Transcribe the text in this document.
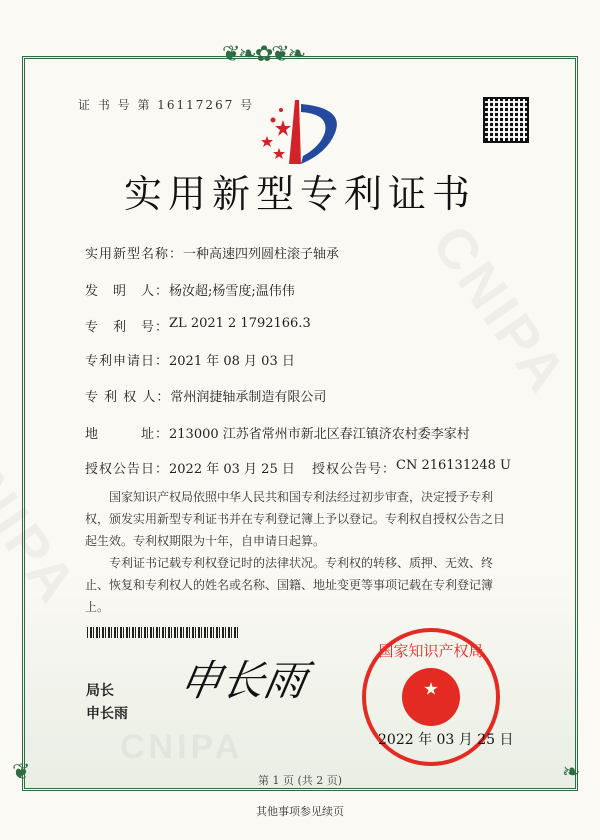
❦❧✿❦❧
❦	❧
证 书 号 第 16117267 号
实用新型专利证书
实用新型名称： 一种高速四列圆柱滚子轴承
发　明　人： 杨汝超;杨雪度;温伟伟
专　利　号： ZL 2021 2 1792166.3
专利申请日： 2021 年 08 月 03 日
专 利 权 人： 常州润捷轴承制造有限公司
地　　　址： 213000 江苏省常州市新北区春江镇济农村委李家村
授权公告日： 2022 年 03 月 25 日 授权公告号： CN 216131248 U

国家知识产权局依照中华人民共和国专利法经过初步审查，决定授予专利权，颁发实用新型专利证书并在专利登记簿上予以登记。专利权自授权公告之日起生效。专利权期限为十年，自申请日起算。

专利证书记载专利权登记时的法律状况。专利权的转移、质押、无效、终止、恢复和专利权人的姓名或名称、国籍、地址变更等事项记载在专利登记簿上。

局长
申长雨
申长雨
国家知识产权局
2022 年 03 月 25 日
第 1 页 (共 2 页)
其他事项参见续页
